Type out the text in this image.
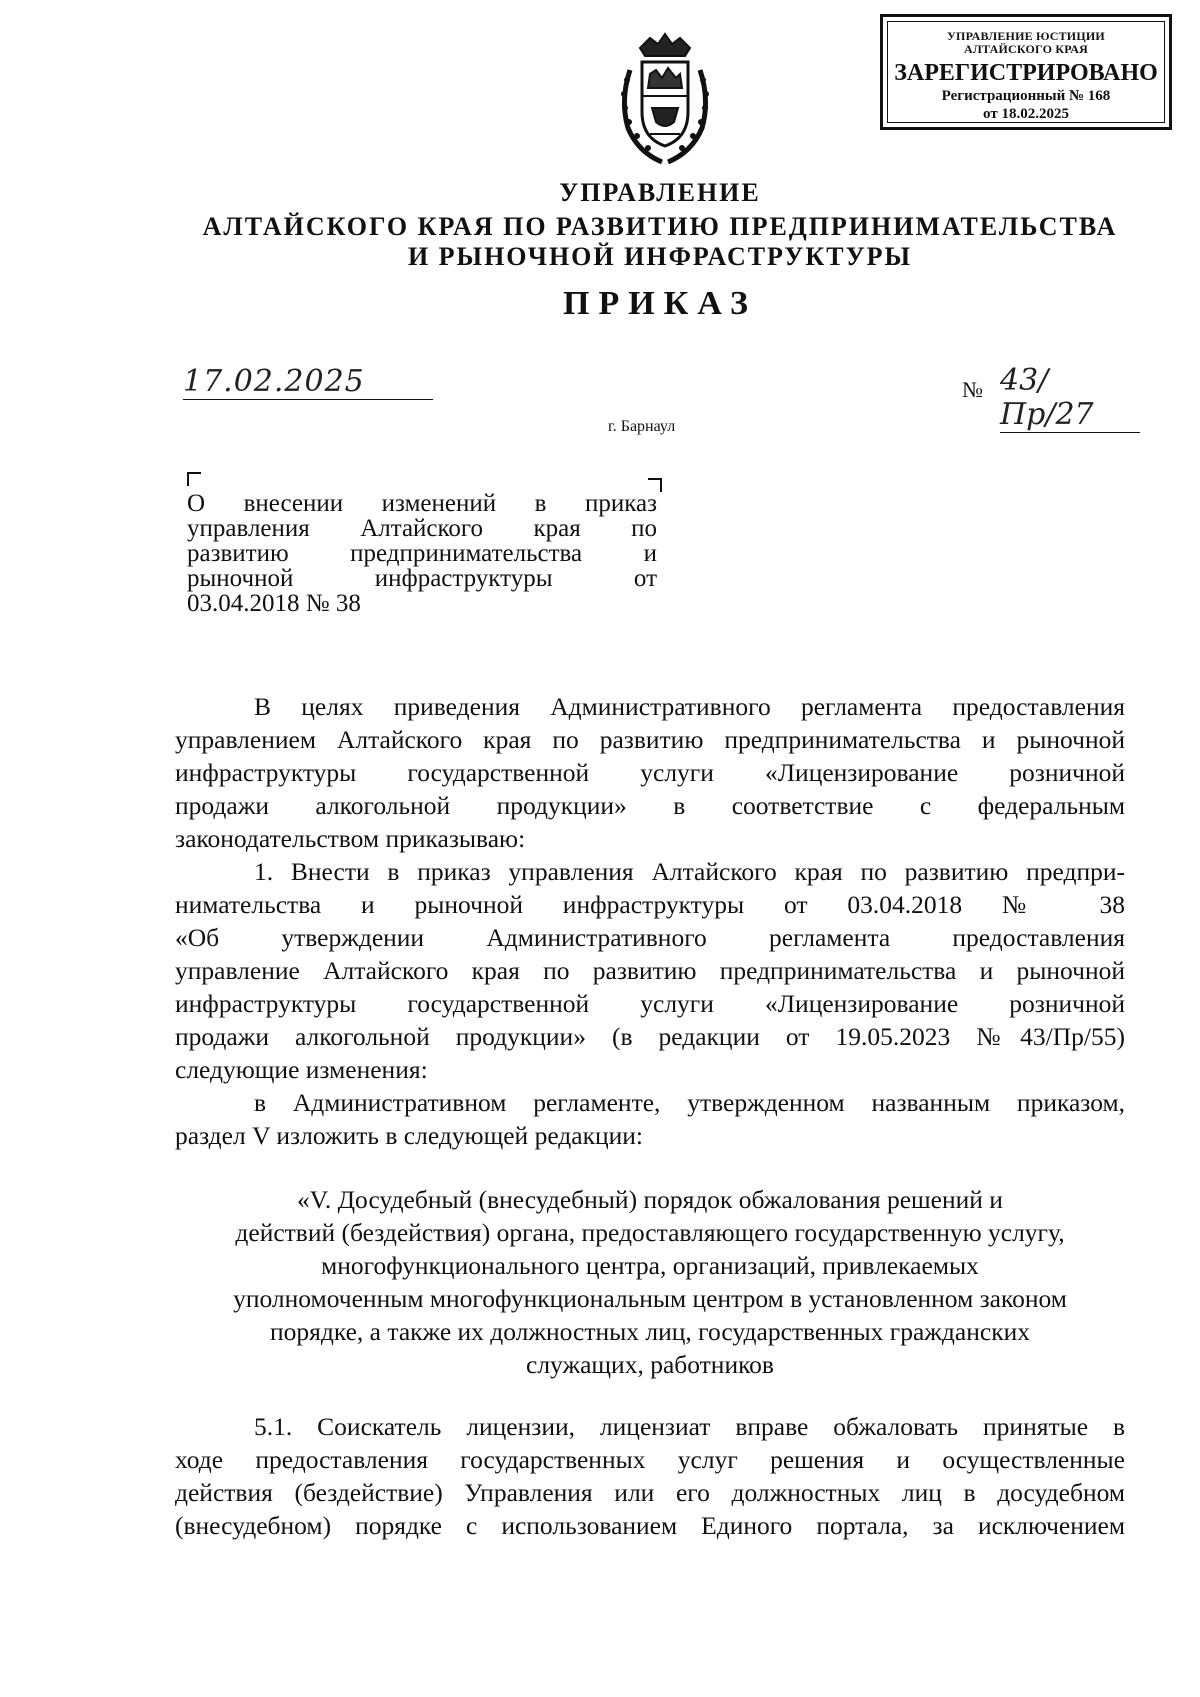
УПРАВЛЕНИЕ ЮСТИЦИИ
АЛТАЙСКОГО КРАЯ
ЗАРЕГИСТРИРОВАНО
Регистрационный № 168
от 18.02.2025
УПРАВЛЕНИЕ
АЛТАЙСКОГО КРАЯ ПО РАЗВИТИЮ ПРЕДПРИНИМАТЕЛЬСТВА
И РЫНОЧНОЙ ИНФРАСТРУКТУРЫ
ПРИКАЗ
17.02.2025	№ 43/Пр/27
г. Барнаул

О внесении изменений в приказ

управления Алтайского края по

развитию предпринимательства и

рыночной инфраструктуры от

03.04.2018 № 38

В целях приведения Административного регламента предоставления

управлением Алтайского края по развитию предпринимательства и рыночной

инфраструктуры государственной услуги «Лицензирование розничной

продажи алкогольной продукции» в соответствие с федеральным

законодательством приказываю:

1. Внести в приказ управления Алтайского края по развитию предпри-

нимательства и рыночной инфраструктуры от 03.04.2018 № 38

«Об утверждении Административного регламента предоставления

управление Алтайского края по развитию предпринимательства и рыночной

инфраструктуры государственной услуги «Лицензирование розничной

продажи алкогольной продукции» (в редакции от 19.05.2023 №43/Пр/55)

следующие изменения:

в Административном регламенте, утвержденном названным приказом,

раздел V изложить в следующей редакции:

«V. Досудебный (внесудебный) порядок обжалования решений и
действий (бездействия) органа, предоставляющего государственную услугу,
многофункционального центра, организаций, привлекаемых
уполномоченным многофункциональным центром в установленном законом
порядке, а также их должностных лиц, государственных гражданских
служащих, работников

5.1. Соискатель лицензии, лицензиат вправе обжаловать принятые в

ходе предоставления государственных услуг решения и осуществленные

действия (бездействие) Управления или его должностных лиц в досудебном

(внесудебном) порядке с использованием Единого портала, за исключением
